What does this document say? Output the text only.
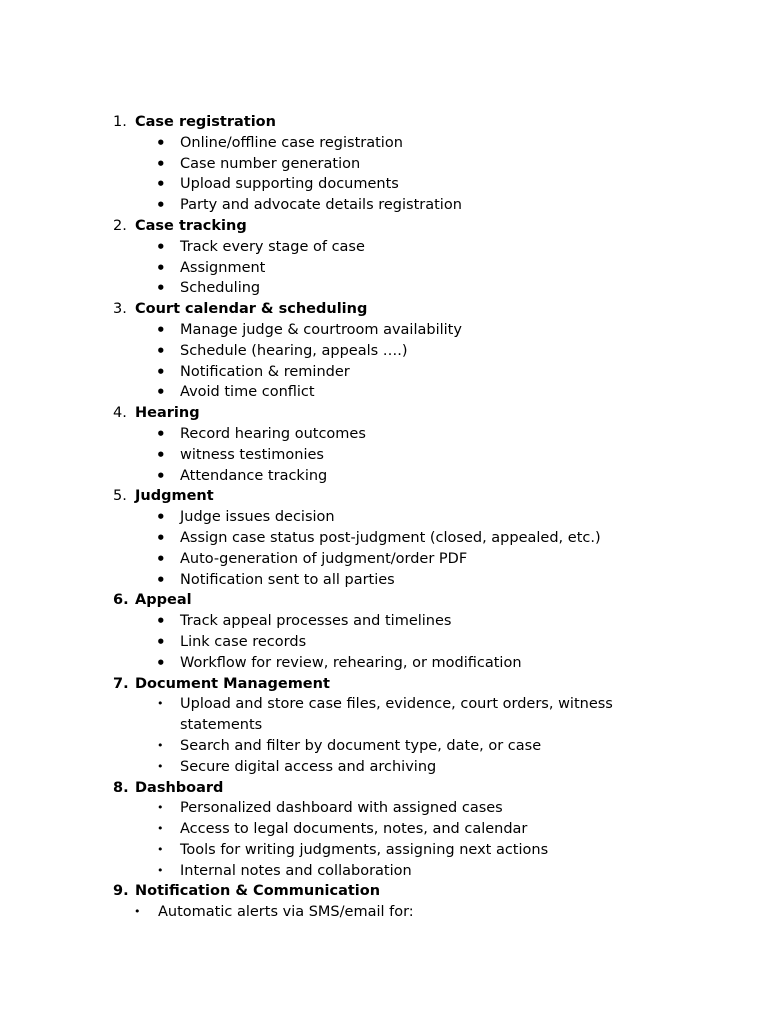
1. Case registration
• Online/offline case registration
• Case number generation
• Upload supporting documents
• Party and advocate details registration
2. Case tracking
• Track every stage of case
• Assignment
• Scheduling
3. Court calendar & scheduling
• Manage judge & courtroom availability
• Schedule (hearing, appeals ….)
• Notification & reminder
• Avoid time conflict
4. Hearing
• Record hearing outcomes
• witness testimonies
• Attendance tracking
5. Judgment
• Judge issues decision
• Assign case status post-judgment (closed, appealed, etc.)
• Auto-generation of judgment/order PDF
• Notification sent to all parties
6. Appeal
• Track appeal processes and timelines
• Link case records
• Workflow for review, rehearing, or modification
7. Document Management
• Upload and store case files, evidence, court orders, witness statements
• Search and filter by document type, date, or case
• Secure digital access and archiving
8. Dashboard
• Personalized dashboard with assigned cases
• Access to legal documents, notes, and calendar
• Tools for writing judgments, assigning next actions
• Internal notes and collaboration
9. Notification & Communication
• Automatic alerts via SMS/email for:
